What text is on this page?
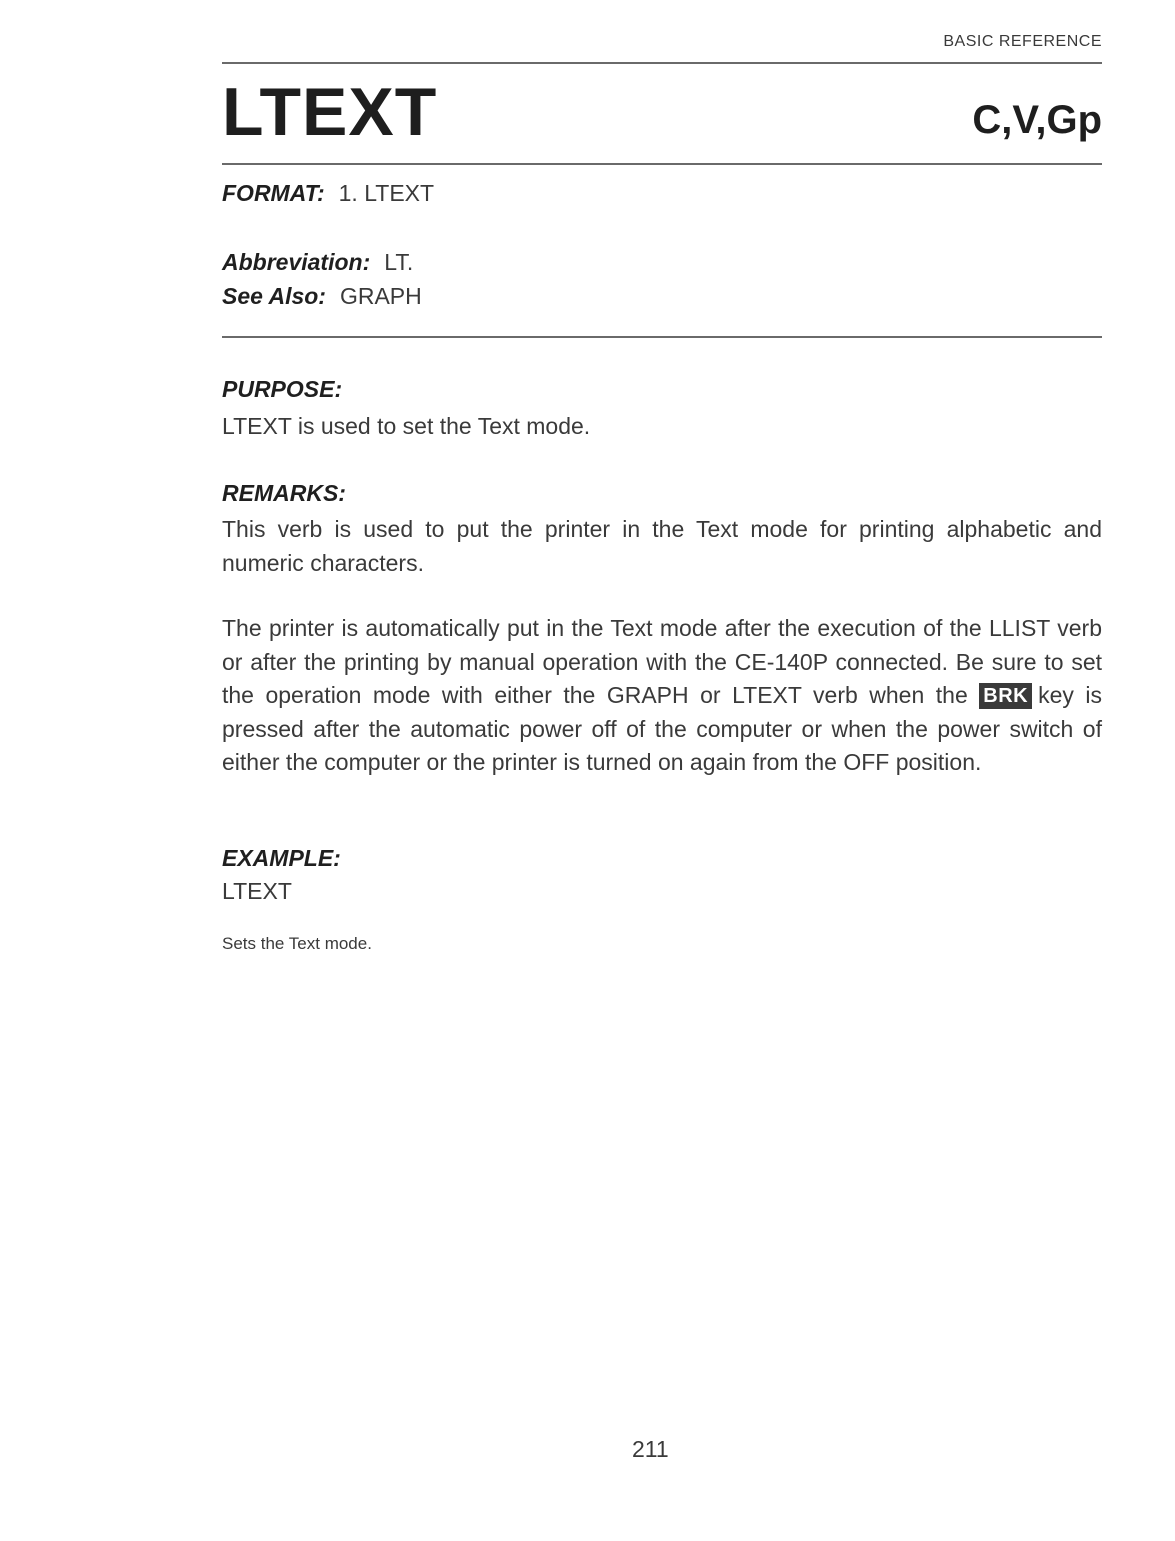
BASIC REFERENCE
LTEXT	C,V,Gp
FORMAT: 1. LTEXT
Abbreviation: LT.
See Also: GRAPH
PURPOSE:
LTEXT is used to set the Text mode.
REMARKS:
This verb is used to put the printer in the Text mode for printing alphabetic and numeric characters.
The printer is automatically put in the Text mode after the execution of the LLIST verb or after the printing by manual operation with the CE-140P connected. Be sure to set the operation mode with either the GRAPH or LTEXT verb when the BRK key is pressed after the automatic power off of the computer or when the power switch of either the computer or the printer is turned on again from the OFF position.
EXAMPLE:
LTEXT
Sets the Text mode.
211
